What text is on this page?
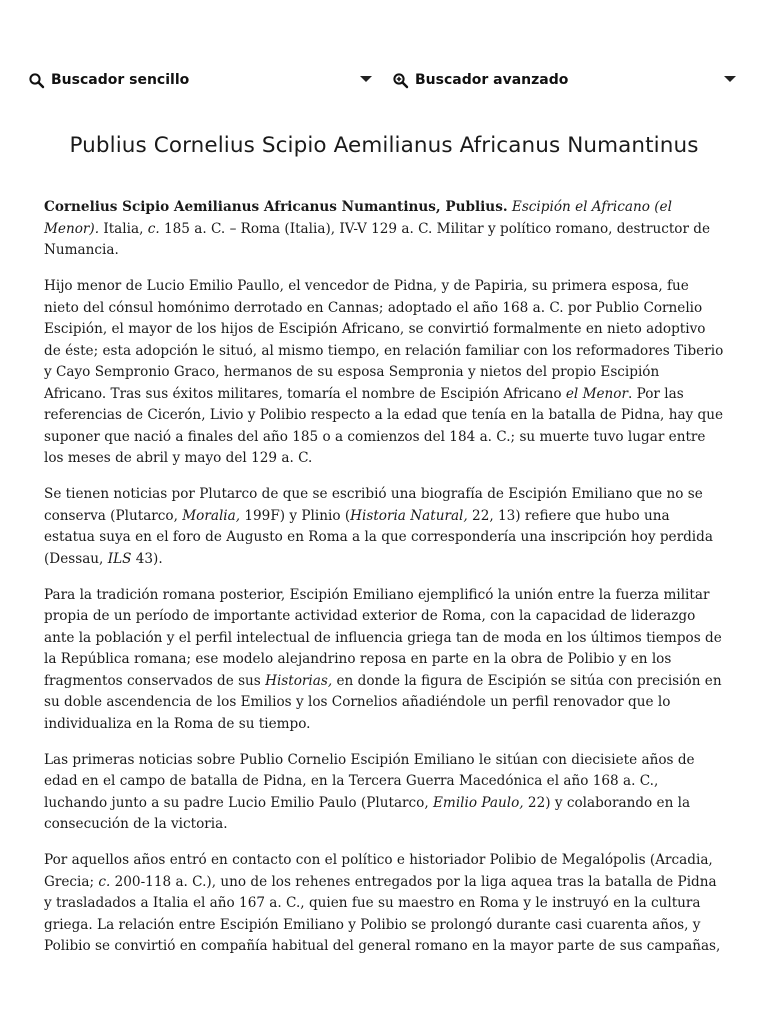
Buscador sencillo	Buscador avanzado
Publius Cornelius Scipio Aemilianus Africanus Numantinus

Cornelius Scipio Aemilianus Africanus Numantinus, Publius. Escipión el Africano (el Menor). Italia, c. 185 a. C. – Roma (Italia), IV-V 129 a. C. Militar y político romano, destructor de Numancia.

Hijo menor de Lucio Emilio Paullo, el vencedor de Pidna, y de Papiria, su primera esposa, fue nieto del cónsul homónimo derrotado en Cannas; adoptado el año 168 a. C. por Publio Cornelio Escipión, el mayor de los hijos de Escipión Africano, se convirtió formalmente en nieto adoptivo de éste; esta adopción le situó, al mismo tiempo, en relación familiar con los reformadores Tiberio y Cayo Sempronio Graco, hermanos de su esposa Sempronia y nietos del propio Escipión Africano. Tras sus éxitos militares, tomaría el nombre de Escipión Africano el Menor. Por las referencias de Cicerón, Livio y Polibio respecto a la edad que tenía en la batalla de Pidna, hay que suponer que nació a finales del año 185 o a comienzos del 184 a. C.; su muerte tuvo lugar entre los meses de abril y mayo del 129 a. C.

Se tienen noticias por Plutarco de que se escribió una biografía de Escipión Emiliano que no se conserva (Plutarco, Moralia, 199F) y Plinio (Historia Natural, 22, 13) refiere que hubo una estatua suya en el foro de Augusto en Roma a la que correspondería una inscripción hoy perdida (Dessau, ILS 43).

Para la tradición romana posterior, Escipión Emiliano ejemplificó la unión entre la fuerza militar propia de un período de importante actividad exterior de Roma, con la capacidad de liderazgo ante la población y el perfil intelectual de influencia griega tan de moda en los últimos tiempos de la República romana; ese modelo alejandrino reposa en parte en la obra de Polibio y en los fragmentos conservados de sus Historias, en donde la figura de Escipión se sitúa con precisión en su doble ascendencia de los Emilios y los Cornelios añadiéndole un perfil renovador que lo individualiza en la Roma de su tiempo.

Las primeras noticias sobre Publio Cornelio Escipión Emiliano le sitúan con diecisiete años de edad en el campo de batalla de Pidna, en la Tercera Guerra Macedónica el año 168 a. C., luchando junto a su padre Lucio Emilio Paulo (Plutarco, Emilio Paulo, 22) y colaborando en la consecución de la victoria.

Por aquellos años entró en contacto con el político e historiador Polibio de Megalópolis (Arcadia, Grecia; c. 200-118 a. C.), uno de los rehenes entregados por la liga aquea tras la batalla de Pidna y trasladados a Italia el año 167 a. C., quien fue su maestro en Roma y le instruyó en la cultura griega. La relación entre Escipión Emiliano y Polibio se prolongó durante casi cuarenta años, y Polibio se convirtió en compañía habitual del general romano en la mayor parte de sus campañas,
